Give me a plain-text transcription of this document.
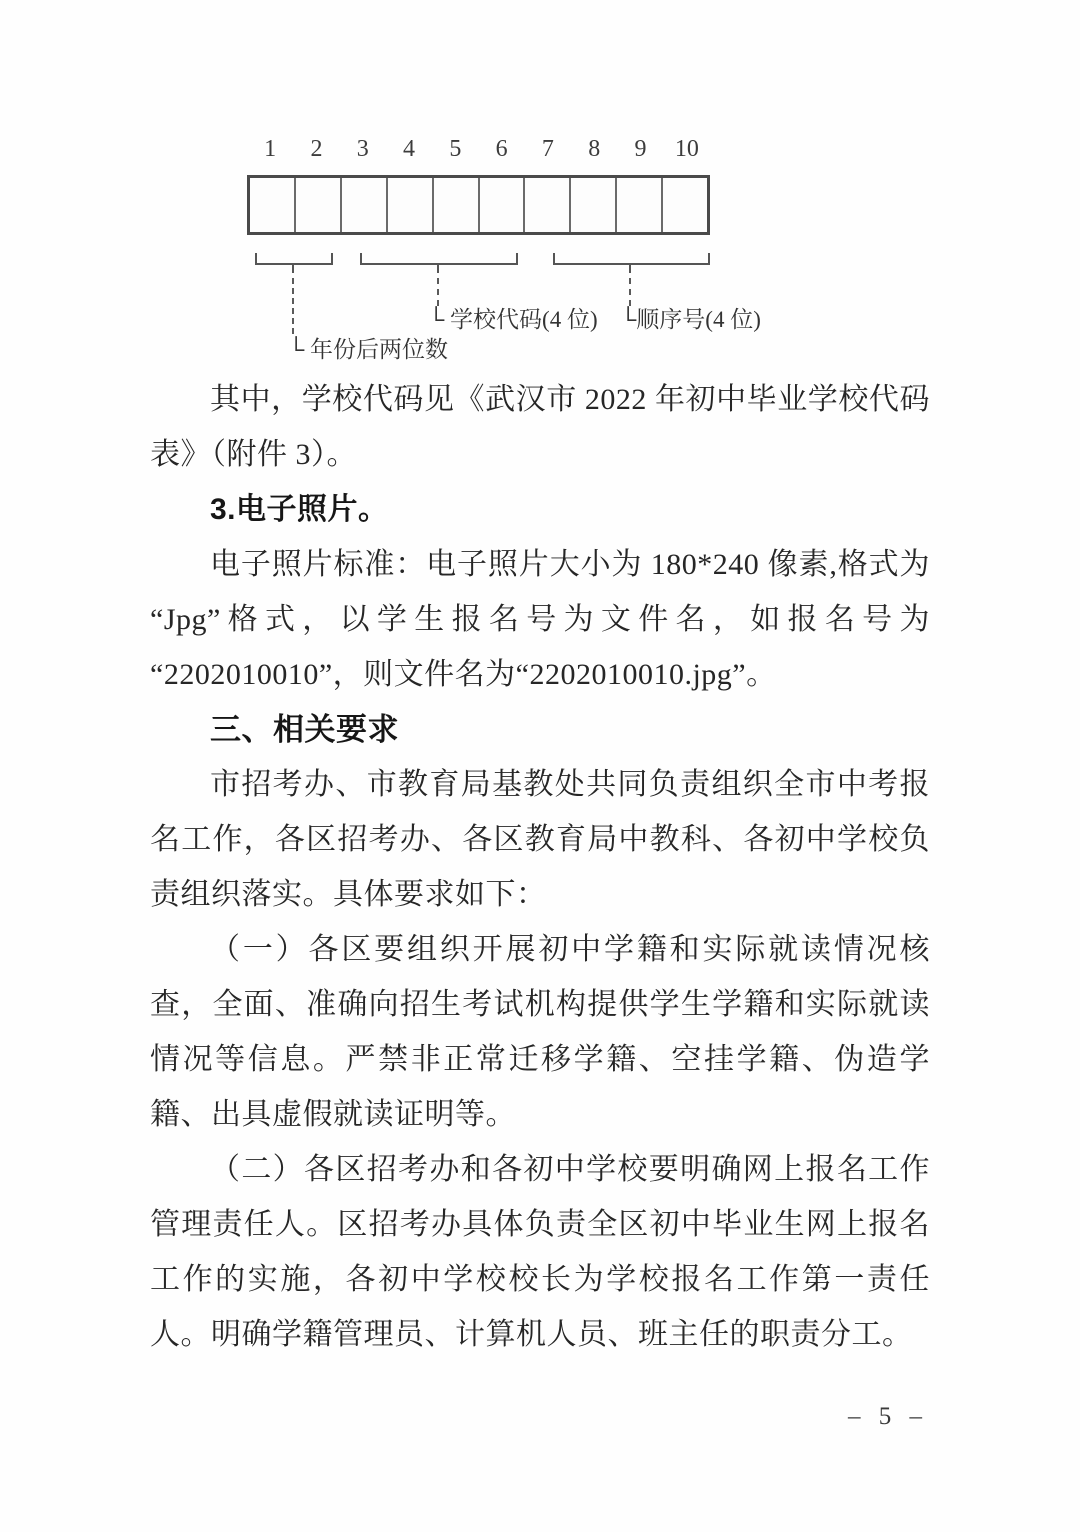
1	2	3	4	5	6	7	8	9	10
└ 学校代码(4 位) └顺序号(4 位)
└ 年份后两位数

其中，学校代码见《武汉市 2022 年初中毕业学校代码表》（附件 3）。

3.电子照片。

电子照片标准：电子照片大小为 180*240 像素,格式为“Jpg”格式，以学生报名号为文件名，如报名号为“2202010010”，则文件名为“2202010010.jpg”。

三、相关要求

市招考办、市教育局基教处共同负责组织全市中考报名工作，各区招考办、各区教育局中教科、各初中学校负责组织落实。具体要求如下：

（一）各区要组织开展初中学籍和实际就读情况核查，全面、准确向招生考试机构提供学生学籍和实际就读情况等信息。严禁非正常迁移学籍、空挂学籍、伪造学籍、出具虚假就读证明等。

（二）各区招考办和各初中学校要明确网上报名工作管理责任人。区招考办具体负责全区初中毕业生网上报名工作的实施，各初中学校校长为学校报名工作第一责任人。明确学籍管理员、计算机人员、班主任的职责分工。

– 5 –
